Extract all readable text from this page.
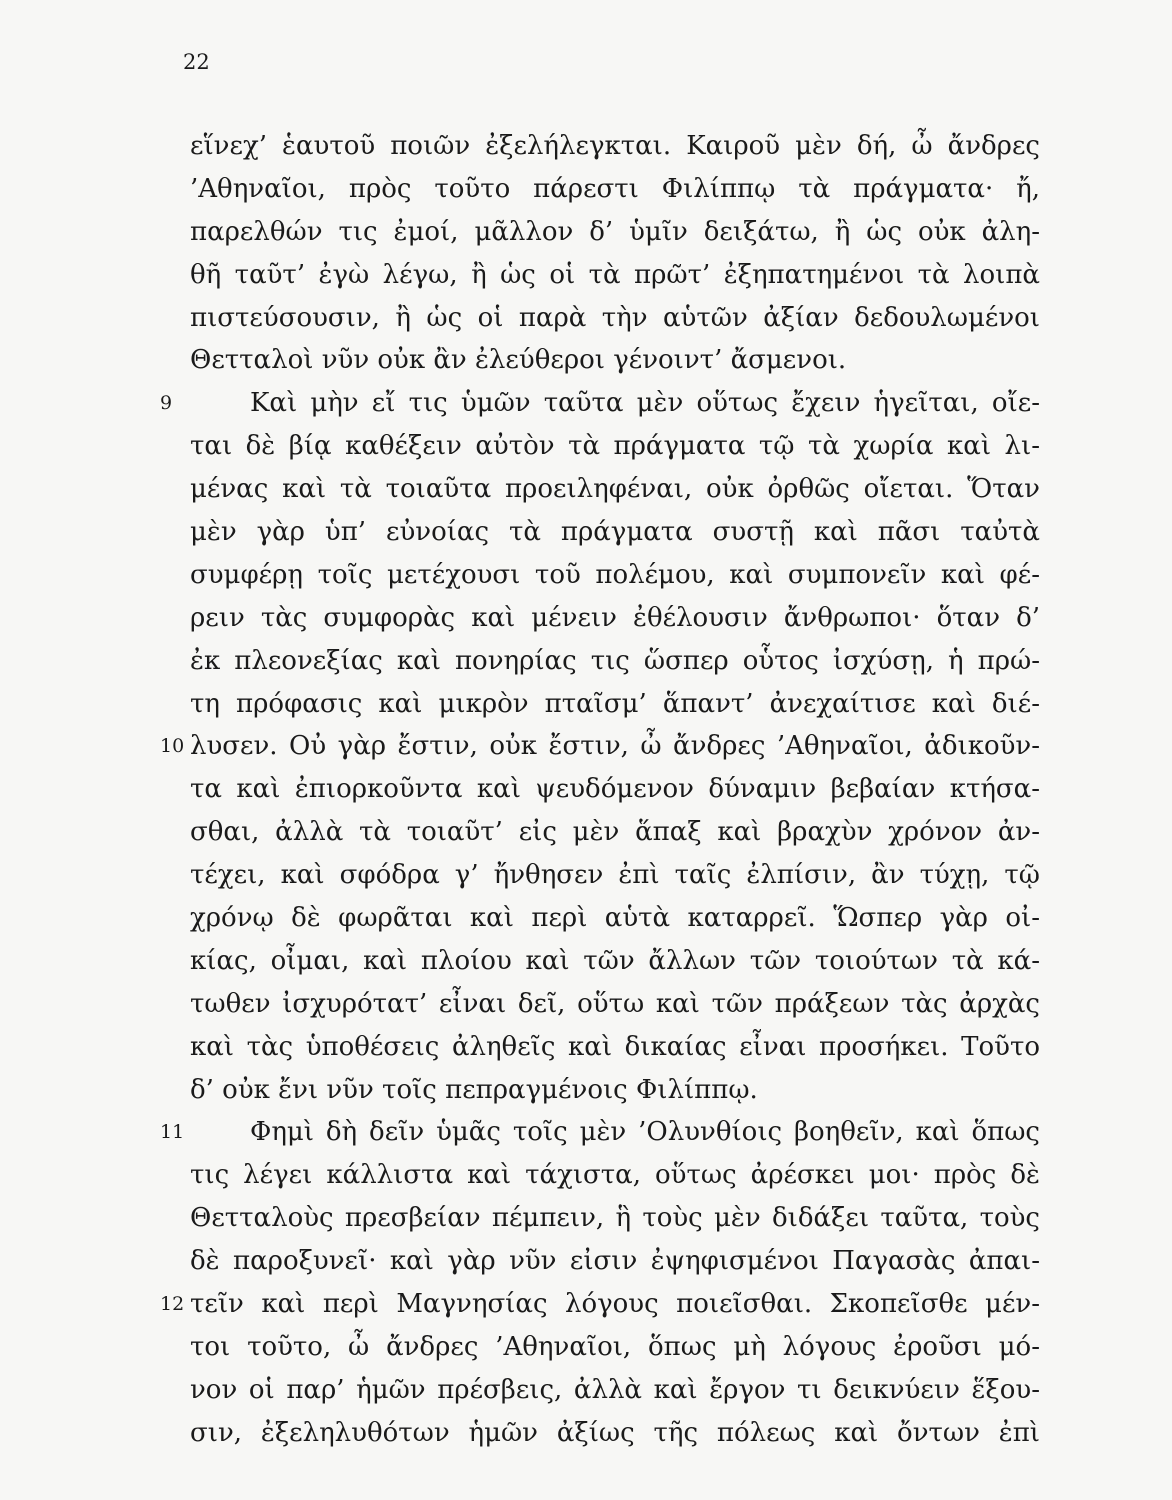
22
εἵνεχ’ ἑαυτοῦ ποιῶν ἐξελήλεγκται. Καιροῦ μὲν δή, ὦ ἄνδρες
’Αθηναῖοι, πρὸς τοῦτο πάρεστι Φιλίππῳ τὰ πράγματα· ἤ,
παρελθών τις ἐμοί, μᾶλλον δ’ ὑμῖν δειξάτω, ἢ ὡς οὐκ ἀλη-
θῆ ταῦτ’ ἐγὼ λέγω, ἢ ὡς οἱ τὰ πρῶτ’ ἐξηπατημένοι τὰ λοιπὰ
πιστεύσουσιν, ἢ ὡς οἱ παρὰ τὴν αὑτῶν ἀξίαν δεδουλωμένοι
Θετταλοὶ νῦν οὐκ ἂν ἐλεύθεροι γένοιντ’ ἄσμενοι.
9	Καὶ μὴν εἴ τις ὑμῶν ταῦτα μὲν οὕτως ἔχειν ἡγεῖται, οἴε-
ται δὲ βίᾳ καθέξειν αὐτὸν τὰ πράγματα τῷ τὰ χωρία καὶ λι-
μένας καὶ τὰ τοιαῦτα προειληφέναι, οὐκ ὀρθῶς οἴεται. Ὅταν
μὲν γὰρ ὑπ’ εὐνοίας τὰ πράγματα συστῇ καὶ πᾶσι ταὐτὰ
συμφέρῃ τοῖς μετέχουσι τοῦ πολέμου, καὶ συμπονεῖν καὶ φέ-
ρειν τὰς συμφορὰς καὶ μένειν ἐθέλουσιν ἄνθρωποι· ὅταν δ’
ἐκ πλεονεξίας καὶ πονηρίας τις ὥσπερ οὗτος ἰσχύσῃ, ἡ πρώ-
τη πρόφασις καὶ μικρὸν πταῖσμ’ ἅπαντ’ ἀνεχαίτισε καὶ διέ-
10 λυσεν. Οὐ γὰρ ἔστιν, οὐκ ἔστιν, ὦ ἄνδρες ’Αθηναῖοι, ἀδικοῦν-
τα καὶ ἐπιορκοῦντα καὶ ψευδόμενον δύναμιν βεβαίαν κτήσα-
σθαι, ἀλλὰ τὰ τοιαῦτ’ εἰς μὲν ἅπαξ καὶ βραχὺν χρόνον ἀν-
τέχει, καὶ σφόδρα γ’ ἤνθησεν ἐπὶ ταῖς ἐλπίσιν, ἂν τύχῃ, τῷ
χρόνῳ δὲ φωρᾶται καὶ περὶ αὑτὰ καταρρεῖ. Ὥσπερ γὰρ οἰ-
κίας, οἶμαι, καὶ πλοίου καὶ τῶν ἄλλων τῶν τοιούτων τὰ κά-
τωθεν ἰσχυρότατ’ εἶναι δεῖ, οὕτω καὶ τῶν πράξεων τὰς ἀρχὰς
καὶ τὰς ὑποθέσεις ἀληθεῖς καὶ δικαίας εἶναι προσήκει. Τοῦτο
δ’ οὐκ ἔνι νῦν τοῖς πεπραγμένοις Φιλίππῳ.
11	Φημὶ δὴ δεῖν ὑμᾶς τοῖς μὲν ’Ολυνθίοις βοηθεῖν, καὶ ὅπως
τις λέγει κάλλιστα καὶ τάχιστα, οὕτως ἀρέσκει μοι· πρὸς δὲ
Θετταλοὺς πρεσβείαν πέμπειν, ἣ τοὺς μὲν διδάξει ταῦτα, τοὺς
δὲ παροξυνεῖ· καὶ γὰρ νῦν εἰσιν ἐψηφισμένοι Παγασὰς ἀπαι-
12 τεῖν καὶ περὶ Μαγνησίας λόγους ποιεῖσθαι. Σκοπεῖσθε μέν-
τοι τοῦτο, ὦ ἄνδρες ’Αθηναῖοι, ὅπως μὴ λόγους ἐροῦσι μό-
νον οἱ παρ’ ἡμῶν πρέσβεις, ἀλλὰ καὶ ἔργον τι δεικνύειν ἕξου-
σιν, ἐξεληλυθότων ἡμῶν ἀξίως τῆς πόλεως καὶ ὄντων ἐπὶ
